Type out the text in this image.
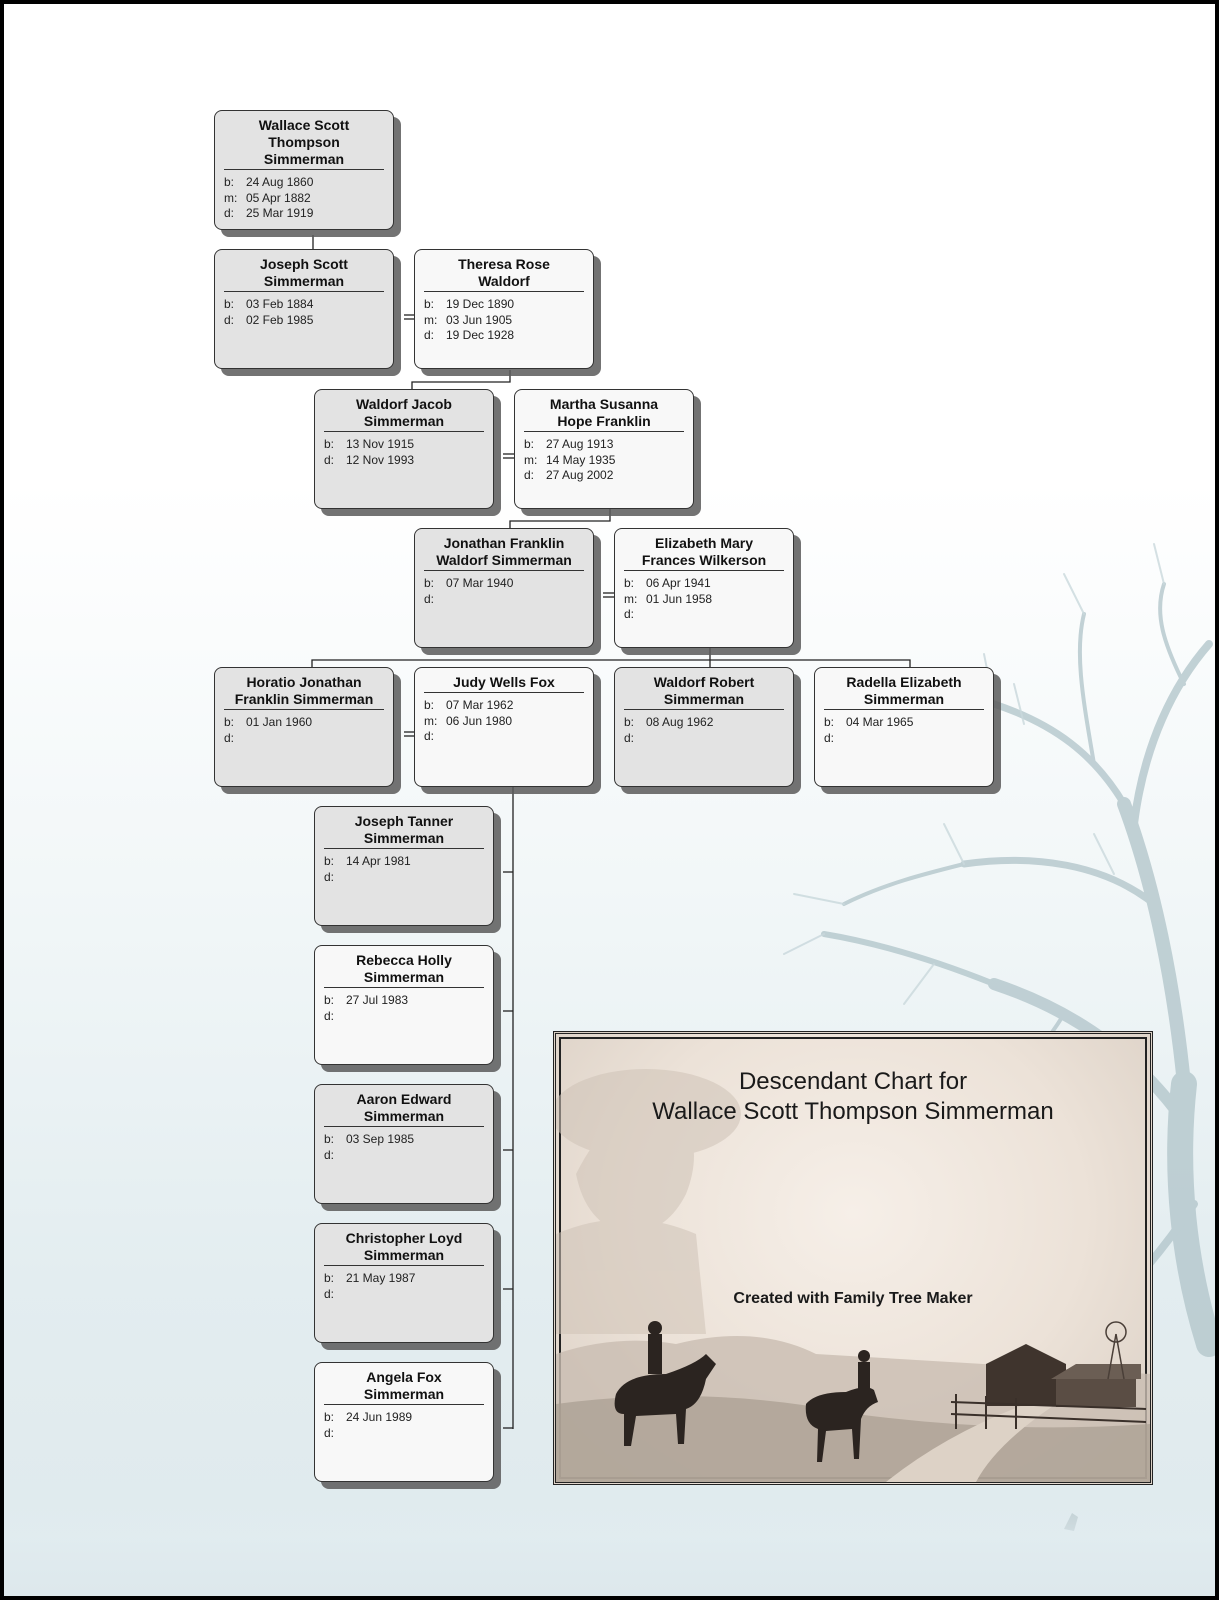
Wallace Scott
Thompson
Simmerman
b: 24 Aug 1860
m: 05 Apr 1882
d: 25 Mar 1919
Joseph Scott
Simmerman
b: 03 Feb 1884
d: 02 Feb 1985
Theresa Rose
Waldorf
b: 19 Dec 1890
m: 03 Jun 1905
d: 19 Dec 1928
Waldorf Jacob
Simmerman
b: 13 Nov 1915
d: 12 Nov 1993
Martha Susanna
Hope Franklin
b: 27 Aug 1913
m: 14 May 1935
d: 27 Aug 2002
Jonathan Franklin
Waldorf Simmerman
b: 07 Mar 1940
d:
Elizabeth Mary
Frances Wilkerson
b: 06 Apr 1941
m: 01 Jun 1958
d:
Horatio Jonathan
Franklin Simmerman
b: 01 Jan 1960
d:
Judy Wells Fox
b: 07 Mar 1962
m: 06 Jun 1980
d:
Waldorf Robert
Simmerman
b: 08 Aug 1962
d:
Radella Elizabeth
Simmerman
b: 04 Mar 1965
d:
Joseph Tanner
Simmerman
b: 14 Apr 1981
d:
Rebecca Holly
Simmerman
b: 27 Jul 1983
d:
Aaron Edward
Simmerman
b: 03 Sep 1985
d:
Christopher Loyd
Simmerman
b: 21 May 1987
d:
Angela Fox
Simmerman
b: 24 Jun 1989
d:
Descendant Chart for
Wallace Scott Thompson Simmerman
Created with Family Tree Maker
